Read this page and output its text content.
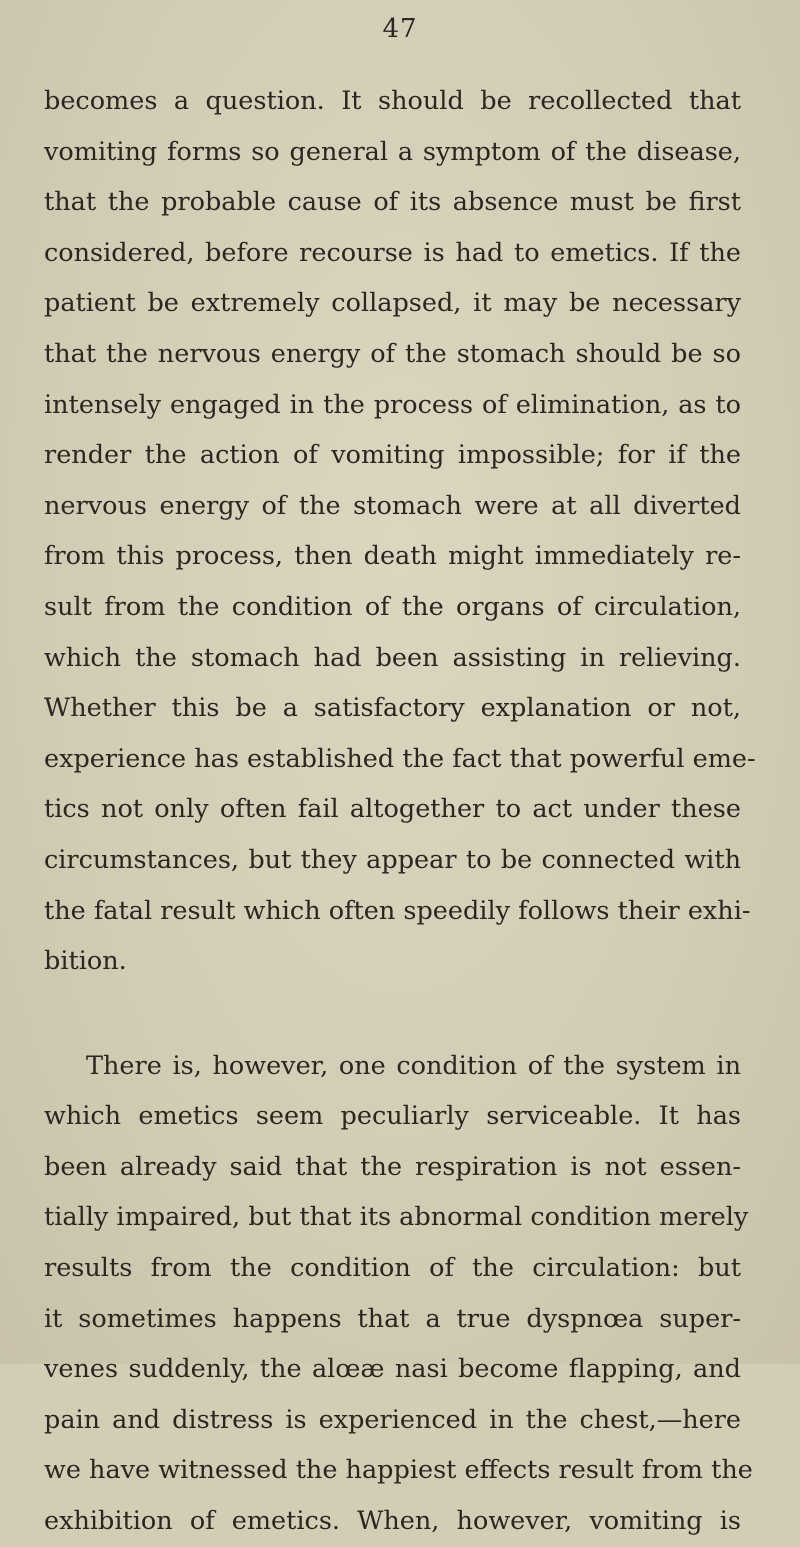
47
becomes a question. It should be recollected that
vomiting forms so general a symptom of the disease,
that the probable cause of its absence must be first
considered, before recourse is had to emetics. If the
patient be extremely collapsed, it may be necessary
that the nervous energy of the stomach should be so
intensely engaged in the process of elimination, as to
render the action of vomiting impossible; for if the
nervous energy of the stomach were at all diverted
from this process, then death might immediately re-
sult from the condition of the organs of circulation,
which the stomach had been assisting in relieving.
Whether this be a satisfactory explanation or not,
experience has established the fact that powerful eme-
tics not only often fail altogether to act under these
circumstances, but they appear to be connected with
the fatal result which often speedily follows their exhi-
bition.
There is, however, one condition of the system in
which emetics seem peculiarly serviceable. It has
been already said that the respiration is not essen-
tially impaired, but that its abnormal condition merely
results from the condition of the circulation: but
it sometimes happens that a true dyspnœa super-
venes suddenly, the alœæ nasi become flapping, and
pain and distress is experienced in the chest,—here
we have witnessed the happiest effects result from the
exhibition of emetics. When, however, vomiting is
